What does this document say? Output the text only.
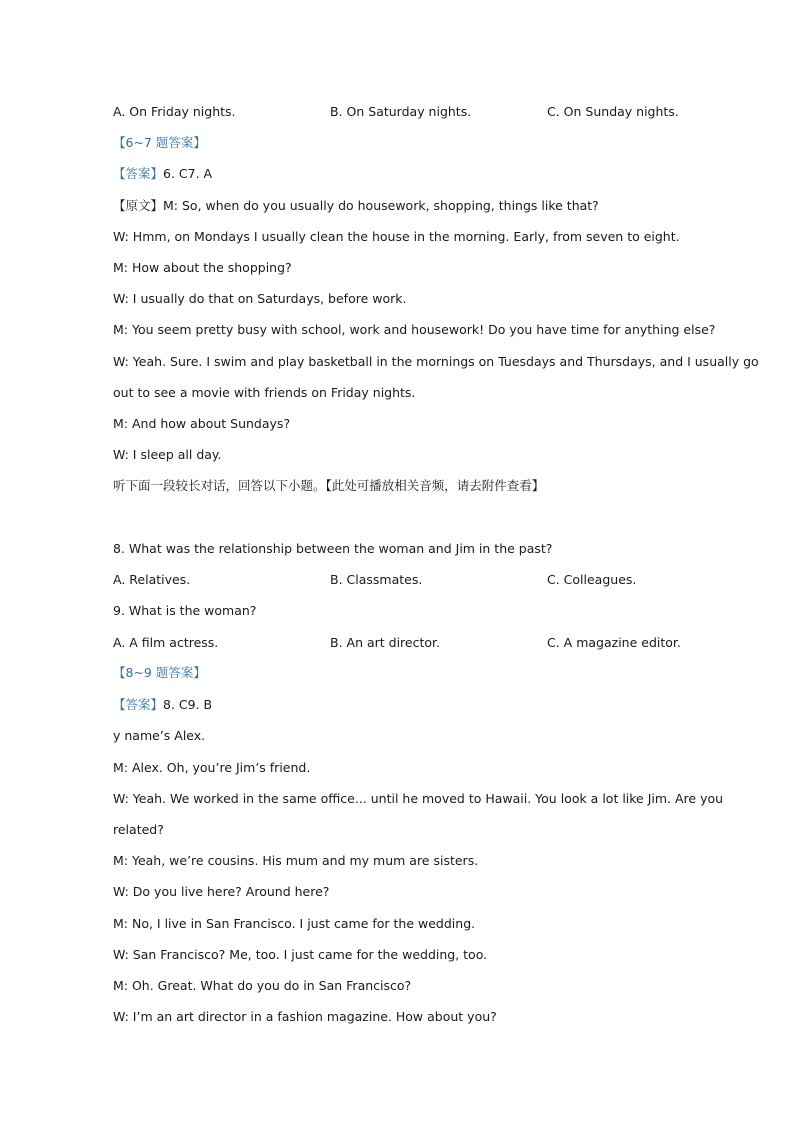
A. On Friday nights.	B. On Saturday nights.	C. On Sunday nights.
【6~7 题答案】
【答案】6. C7. A
【原文】M: So, when do you usually do housework, shopping, things like that?
W: Hmm, on Mondays I usually clean the house in the morning. Early, from seven to eight.
M: How about the shopping?
W: I usually do that on Saturdays, before work.
M: You seem pretty busy with school, work and housework! Do you have time for anything else?
W: Yeah. Sure. I swim and play basketball in the mornings on Tuesdays and Thursdays, and I usually go
out to see a movie with friends on Friday nights.
M: And how about Sundays?
W: I sleep all day.
听下面一段较长对话，回答以下小题。【此处可播放相关音频，请去附件查看】
8. What was the relationship between the woman and Jim in the past?
A. Relatives.	B. Classmates.	C. Colleagues.
9. What is the woman?
A. A film actress.	B. An art director.	C. A magazine editor.
【8~9 题答案】
【答案】8. C9. B
y name’s Alex.
M: Alex. Oh, you’re Jim’s friend.
W: Yeah. We worked in the same office... until he moved to Hawaii. You look a lot like Jim. Are you
related?
M: Yeah, we’re cousins. His mum and my mum are sisters.
W: Do you live here? Around here?
M: No, I live in San Francisco. I just came for the wedding.
W: San Francisco? Me, too. I just came for the wedding, too.
M: Oh. Great. What do you do in San Francisco?
W: I’m an art director in a fashion magazine. How about you?
